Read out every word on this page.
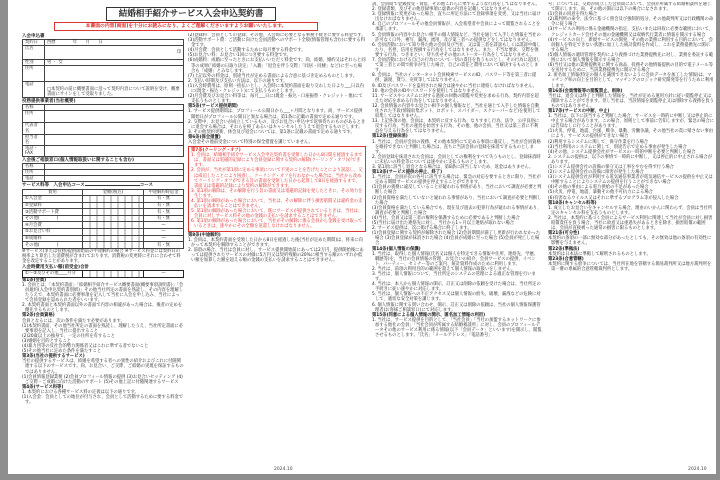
結婚相手紹介サービス入会申込契約書
本書面の内容(両面)を十分にお読みになり、よくご理解くださいますようお願いいたします。
入会申込書
契約日	西暦　　　　年　　月　　日
氏名	印
性別	男 ・ 女
住所	
電話	□本契約の前に概要書面に沿って契約内容について説明を受け、概要書面にサインをして受取りました。
役務提供事業者(当社概要)
名称	
住所	
代表者名	
担当者名	
電話・FAX	
入会後ご相談窓口(個人情報取扱いに関することも含む)
名称	
住所	
電話	
サービス料等　 入会申込コース	コース
費用	金額(税込)	中途解約時返金
①入会金		有・無
②登録料		有・無
③活動サポート費		有・無
その他(　　　　)		有・無
④月会費		—
⑤お見合い料		—
⑥成婚料		—
その他(　　　　)		有・無
※サービス(または役務)提供開始前の中途解約の場合 ※サービス料金には契約日の税率より算出した消費税が含まれております。消費税の変更時にそれに合わせて料金を改定することがあります。
入会時費用支払い額(前受金)合計
①〜③及びその他____月分		—
第1条(会員)
1. 会員とは、「本契約書面」「結婚相手紹介サービス概要書面(概要事項説明書)」「会員規約(入会申込契約書別紙)」その他当社所定の書面を熟読し、その内容を理解したうえで、本契約書面に必要事項を記入して当社に入会を申し込み、当社によって会員登録を認められた者をいいます。
2. 本契約書面と本契約書面以外の書面で内容の相違があった場合は、後者の定めを優先するものとします。
第2条(会員資格)
会員となるには、次の条件を満たす必要があります。
(1)本契約書面、その他当社所定の書面を熟読し、理解したうえ、当社所定書面に必要事項を記入し、当社に提出すること
(2)20歳以上の独身で、一定の住所を有すること
(3)婚姻を目的とすること
(4)暴力団等の反社会的勢力関係者又はこれに準ずる者でないこと
(5)その他当社に定めた条件を満たすこと
第3条(当社の提供するサービス)
当社の提供するサービスは、結婚を希望する者への異性の紹介およびこれに付随関連する以下のサービスです。尚、お見合い、ご交際、ご結婚の実現を保証するものではありません。
(1)会員情報登録業務 (2)会員プロフィール情報の提供 (3)お見合いセッティング (4)ご交際・ご成婚に向けた活動のサポート (5)その他上記に付随関連するサービス
第4条(サービス料等)
1. 本契約における各種サービス料の定義は以下の通りです。
(1)入会金：会員としての地位が付与され、会員として活動するために要する料金です。
(2)登録料：会員としての登録、その他、入会時に必要となる事務手続きに要する料金です。
(3)活動サポート費：ご活動に向けた会員活動へのサポート全般(情報管理も含む)に要する料金です。
(4)月会費：会員として活動するために毎月要する料金です。
(5)お見合い料：お見合い1回につき要する料金です。
(6)成婚料：成婚に至ったときにお支払いいただく料金です。尚、結婚、婚約又はそれらと同等の成果(「結婚の日取り決定」「入籍」「退会を伴う交際」「同居・同棲」など)に至った場合も「成婚」とみなします。
(7)上記以外の料金は、別途当社が定める書面による合意に基づき定めるものとします。
2. 支払い時期及び支払い方法は、以下の通りです。
(1)入会時費用は、原則一括払いとし、入会時に本契約書面を取り交わした日より___日以内に(現金・振込・クレジット)にて支払うものとします。
(2)月会費及びお見合い料等は、毎月___日に(現金・振込・口座振替・クレジット・他)にて支払うものとします。
第5条(サービス提供期間)
1. サービス提供期間は、プロフィール公開日から___ヶ月間となります。尚、サービス提供開始日がプロフィール公開日と異なる場合は、第1条に記載の書面で定める通りです。
2. 交際中、お見合いが成立しているもの、及びお見合い申込中で返事待ちのものがあるときに退会する場合は、それらを終了あるいはキャンセルしたうえで退会するものとします。
3. その他契約更新、休会及び退会については、第1条に記載の書面で定める通りです。
第6条(保全措置)
入会金その他前受金について特別の保全措置を講じていません。
第7条(クーリング・オフ)
1. 会員は、結婚相手紹介サービス入会申込契約書を受領した日から8日間を経過するまでは、書面又は電磁的記録により会員登録に関する契約の解除(クーリング・オフ)ができます。
2. 会員が、当社が第1項に定める事項について不実のことを告げたことにより誤認し、又は威迫したことにより困惑し、クーリング・オフを行わなかった場合は、当社から改めてクーリング・オフができる旨の書面を受領した日から起算して8日を経過するまで、書面又は電磁的記録により契約の解除ができます。
3. 第1項の解除は、その解除を行う旨の書面又は電磁的記録を発したときに、その効力を生じます。
4. 第1項の解除があった場合において、当社は、その解除に伴う損害賠償又は違約金の支払いを請求することはできません。
5. 第1項の解除があった場合において、既にサービスが提供されているときは、当社は、会員に対しサービス料その他の金銭の支払いを請求することはできません。
6. 第1項の解除があった場合において、当社がその解除に係る会員から金銭を受け取っているときは、速やかにその全額を返還しなければなりません。
第8条(中途解約)
1. 会員は、本契約書面を受領した日から8日を経過した後(当社が定めた期間)は、将来に向かって本契約を解除することができます。
2. 前項の場合、当社は会員に対し、サービス提供開始前にあっては2万円、提供開始後にあっては提供されたサービスの対価に5万円又は契約残額の20%に相当する額のいずれか低い額を加算した額を超える額の金銭の支払いを請求することはできません。
説、会員間で金銭授受・貸借、その他これらに準ずるような行為をしてはなりません。
2. 登録書類、及びその他登録事項に虚偽の内容を記載してはなりません。
3. 登録情報に変更があった場合、直ちに所定方法にて登録事項を変更、又は当社に届け出なければなりません。
4. 自己のプロフィールその他会員情報が、入会希望者や会員によって閲覧されることを承諾します。
5. 会員情報の内容やお見合い相手の個人情報など、当社を通じて入手した情報を当社の許可なく口外、複写、漏洩、流用、及び第三者への提供などをしてはなりません。
6. 会員活動において知り得た他の会員及び当社、又は第三者を誹謗もしくは誹謗中傷したり、名誉、信用を毀損する行為をしてはなりません。また、不当な要求、交際を強要する行為、つきまとい、待ち伏せその他のストーカー行為をしてはなりません。
7. 会員活動における自己の行為について一切の責任を負うものとし、その行為に起因して第三者との間で紛争が生じた場合、自己の責任と費用において解決するものとします。
8. 会員は、当社のインターネット会員検索サービスのID、パスワード等を第三者に提供、譲渡、貸与、売買等してはなりません。
9. ID及びパスワードを盗用された場合は速やかに当社に連絡しなければなりません。
10. 他の会員のIDやパスワードを使用してはなりません。
11. サービスやシステムに対する過度の回数の閲覧や変更を求める行為、契約内容を超えた対応を求める行為をしてはなりません。
12. 会員情報の内容やお見合い相手の個人情報など、当社を通じて入手した情報を自動化された手段(情報収集ボット、ロボット、スパイダー、スクレーパーなど)を使用して収集してはなりません。
13. 上記各項の他、会員は、本契約に反する行為、なりすまし行為、法令、公序良俗に反する行為、当社の運営を妨害する行為、その他、他の会員、当社又は第三者に不利益を与える行為をしてはなりません。
第12条(登録抹消)
1. 当社は、会員が会員の義務、その他本契約にて定める事項に違反し、当社が会員資格を維持できないと判断した場合は、直ちに当該会員の登録を抹消できるものとします。
2. 会員登録を抹消された会員は、会員としての権利をすべて失うものとし、登録抹消時に未払いの料金等については速やかに支払うものとします。
3. 第1項に該当し退会となる場合は、第8条に該当しないため、返金はありません。
第13条(サービス提供の停止、終了)
1. 当社は、会員が次の各号に該当する場合は、緊急の対応を要するときに限り、当社が定める期間サービスの提供を停止することができます。
(1)会員の義務に違反していることが疑われる事情があり、当社において調査が必要と判断した場合
(2)会員資格を満たしていないと疑われる事情があり、当社において調査が必要と判断した場合
(3)会員資格を満たしている場合でも、現在及び過去の犯罪行為が疑われる事情があり、調査が必要と判断した場合
(4)当社、会員又は第三者の権利を保護するために必要であると判断した場合
(5)当社に届け出た連絡先に対し、当社から1ヶ月以上連絡が取れない場合
2. サービス提供は、次に掲げる場合に終了します。
(1)会員登録に関する契約が解除された場合 (2)会員期間が満了し更新が行われなかった場合 (3)会員登録が抹消された場合 (4)会員が成婚に至った場合 (5)会員が死亡した場合
第14条(個人情報の保護)
1. 当社は、取得した個人情報(氏名又は個人を特定できる情報や住所、連絡先、学歴、職歴等)を、当社の会員情報の管理、お見合いの紹介、会員サービスの提供、イベント、パーティー、セミナー等のご案内、統計資料作成のために利用します。
2. 当社は、前項の利用目的の範囲を超えて個人情報の取扱いをしません。
3. 当社は、個人情報について、当社所定のシステムの管理による適正な管理を行います。
4. 当社は、本人から個人情報の開示、訂正又は削除の依頼を受けた場合は、当社所定の手続きに従い速やかに対応します。
5. 当社は、個人情報への不正アクセス又は個人情報の紛失、破壊、漏洩などの危険に対して、適切な安全対策を講じます。
6. 個人情報に関する問い合わせ、開示、訂正又は削除の依頼は、当社の個人情報保護管理者(お客様ご相談窓口)にて対応します。
第15条(同意による個人情報の開示、匿名加工情報の利用)
1. 当社は、サービス提供を目的として、「当社会員」「当社の加盟するネットワークに参加する他社の会員」「当社会員が所属する結婚相談所」に対し、会員のプロフィールデータその他のサービス利用に係る情報(以下「会員データ」といいます)を開示し、閲覧させるものとします。「氏名」「メールアドレス」「電話番号」
号」については、交際が成立した会員間において、会員が所属する結婚相談所を通じて開示します。尚、その他の開示は以下の場合になされます。
(1)会員の同意を得た場合
(2)裁判所の命令、法令に基づく照会及び強制的処分、その他裁判所又は行政機関の命令に従う場合
(3)サービスの利用に係る金融機関の指定、支払いまたは回収に必要な範囲において、クレジットカード会社その他の金融機関又は収納代行業者に情報を開示する場合
(4)サービスの向上、新規サービスの開発、その他の業務に利用する目的において、会員個人を特定できない状態に加工した統計資料を作成し、これを業務提携先に開示する場合
(5)個人情報の適切管理を契約により義務づけた業務提携先に対し、業務を委託する範囲において個人情報を開示する場合
(6)当社又は他の業務提携先に関する商品、役務その他情報提供の目的で電子メール等を送付するために、当該業務提携先に開示する場合
2. 匿名加工情報(特定の個人を識別できないように会員データを加工した情報)は、マッチング率の向上を目的として、マッチングのロジック研究開発等を行うために利用します。
第16条(会員情報等の閲覧禁止、削除)
当社は、退会又は終了と判断した情報を、当社が定める運用方針に従い閲覧停止又は削除することができます。但し当社は、当該情報を閲覧停止又は削除する義務を負うものではありません。
第17条(サービスの中断、中止)
1. 当社は、以下に該当すると判断した場合、サービスを一時的に中断し又は停止的に中止する場合があります。この場合、原則として事前に告知しますが、緊急の場合には告知なしに行うことがあります。
(1)火災、停電、地震、台風、戦争、暴動、労働争議、その他当社の責に帰さない事由により、サービスの提供ができない場合
(2)利用するシステムに関して、保守作業を行う場合
(3)当社利用のシステムに関して、別途告示で定める事由が発生した場合
(4)その他、システム提供会社がサービスの一時的中断を必要と判断した場合
2. システムの提供は、以下の事情で一時的に中断し、又は停止的に中止される場合があります。
(1)システム提供会社の設備の保守又は工事をやむを得ず行う場合
(2)システム提供会社の設備に障害が発生した場合
(3)システム提供会社が利用する電気通信事業者が電気通信サービスの提供を中止又は中断することによりシステムの提供を行うことができない場合
(4)その他の事由による電力供給の不足があった場合
(5)火災、停電、地震、暴動その他不可抗力による場合
(6)有害なるウイルス又はそれに準ずるプログラム等が侵入した場合
第18条(キャンセル料等)
1. 成立したお見合いをキャンセルする場合、理由のいかんに関わらず、会員は当社所定のキャンセル料を支払うものとします。
2. 当社は、本契約に基づく会員によるサービス利用に関連して当社が会員に対し損害賠償責任を負う場合、当社に故意又は重過失があるときを除き、損害賠償の範囲は、会員が直接被った通常の損害に限るものとします。
第21条(可分性)
本契約の条項の一部に無効な部分があったとしても、その無効は他の条項の有効性に影響を与えません。
第22条(準拠法)
本契約は日本法に準拠して解釈されるものとします。
第23条(合意管轄)
本契約に関する紛争については、当社所在地を管轄する簡易裁判所又は地方裁判所を第一審の専属的合意管轄裁判所とします。
2024.10	2024.10
